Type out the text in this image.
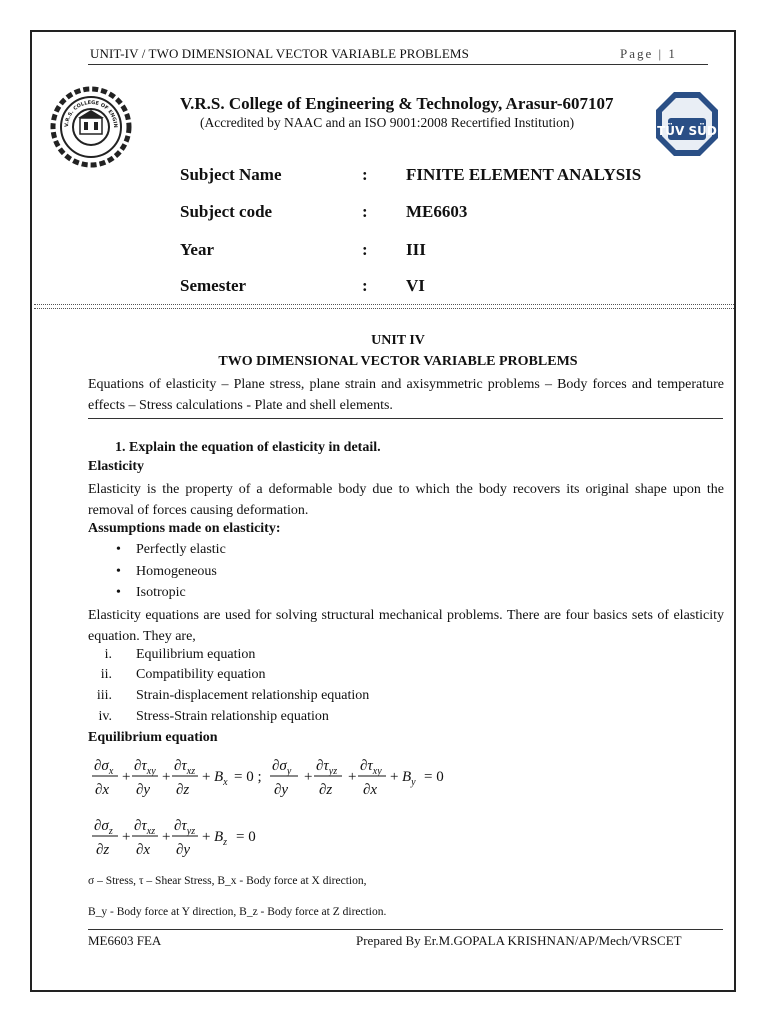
UNIT-IV / TWO DIMENSIONAL VECTOR VARIABLE PROBLEMS	Page | 1
V.R.S. COLLEGE OF ENGIN
V.R.S. College of Engineering & Technology, Arasur-607107
(Accredited by NAAC and an ISO 9001:2008 Recertified Institution)
TÜV SÜD
Subject Name	: FINITE ELEMENT ANALYSIS
Subject code	: ME6603
Year	: III
Semester	: VI
UNIT IV
TWO DIMENSIONAL VECTOR VARIABLE PROBLEMS
Equations of elasticity – Plane stress, plane strain and axisymmetric problems – Body forces and temperature effects – Stress calculations - Plate and shell elements.
1. Explain the equation of elasticity in detail.
Elasticity
Elasticity is the property of a deformable body due to which the body recovers its original shape upon the removal of forces causing deformation.
Assumptions made on elasticity:
• Perfectly elastic
• Homogeneous
• Isotropic
Elasticity equations are used for solving structural mechanical problems. There are four basics sets of elasticity equation. They are,
i. Equilibrium equation
ii. Compatibility equation
iii. Strain-displacement relationship equation
iv. Stress-Strain relationship equation
Equilibrium equation
$\partial\sigma_x$
∂x
+
$\partial\tau_{xy}$
∂y
+
$\partial\tau_{xz}$
∂z
+ $B_x = 0$ ;
$\partial\sigma_y$
∂y
+
$\partial\tau_{yz}$
∂z
+
$\partial\tau_{xy}$
∂x
+ $B_y = 0$
$\partial\sigma_z$
∂z
+
$\partial\tau_{xz}$
∂x
+
$\partial\tau_{yz}$
∂y
+ $B_z = 0$
σ – Stress, τ – Shear Stress, B_x - Body force at X direction,
B_y - Body force at Y direction, B_z - Body force at Z direction.
ME6603 FEA	Prepared By Er.M.GOPALA KRISHNAN/AP/Mech/VRSCET
